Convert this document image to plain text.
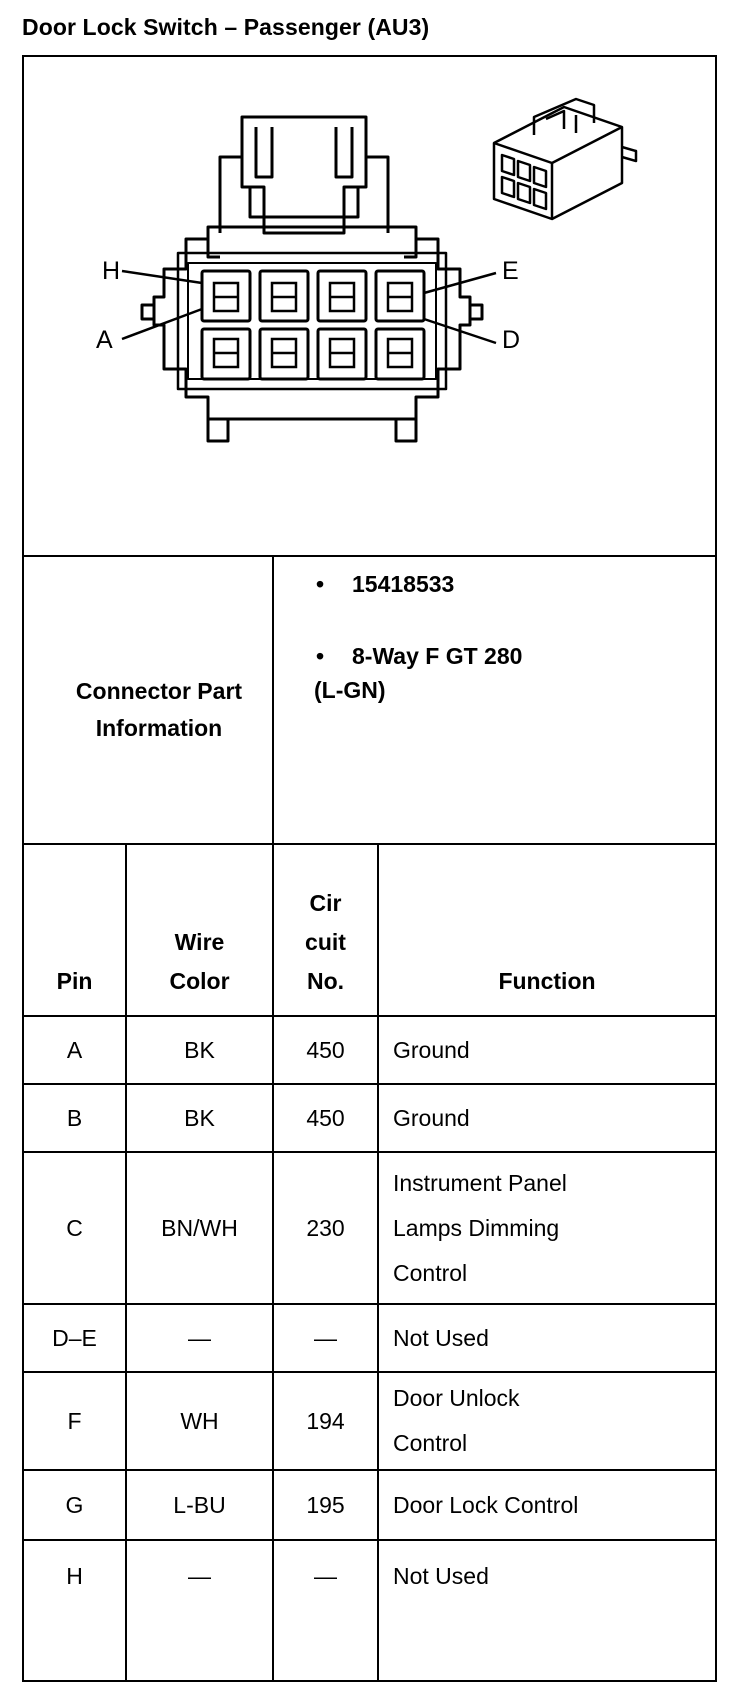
Door Lock Switch – Passenger (AU3)
H
A
E
D
Connector Part
Information
• 15418533
• 8-Way F GT 280
(L-GN)
Pin
Wire
Color
Cir
cuit
No.	Function
A	BK	450 Ground
B	BK	450 Ground
C	BN/WH	230
Instrument Panel
Lamps Dimming
Control
D–E	—	— Not Used
F	WH	194
Door Unlock
Control
G	L-BU	195 Door Lock Control
H	—	— Not Used
